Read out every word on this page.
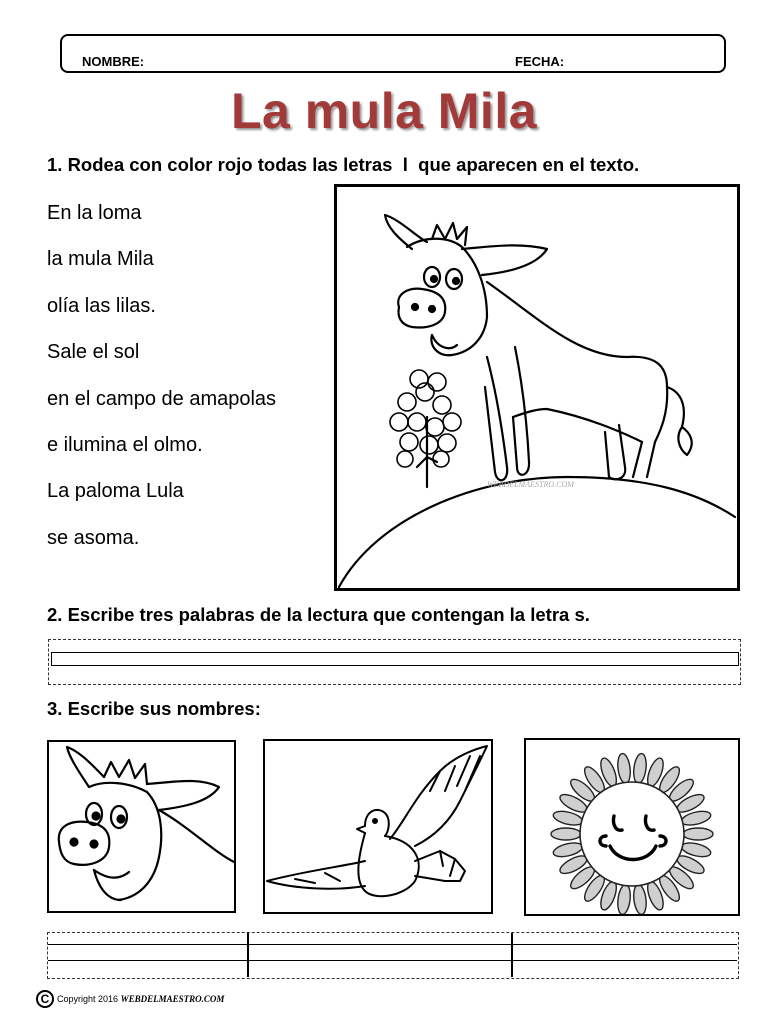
NOMBRE:	FECHA:
La mula Mila
1. Rodea con color rojo todas las letras l que aparecen en el texto.
En la loma
la mula Mila
olía las lilas.
Sale el sol
en el campo de amapolas
e ilumina el olmo.
La paloma Lula
se asoma.
WEBDELMAESTRO.COM
2. Escribe tres palabras de la lectura que contengan la letra s.
3. Escribe sus nombres:
C Copyright 2016
WEBDELMAESTRO.COM
